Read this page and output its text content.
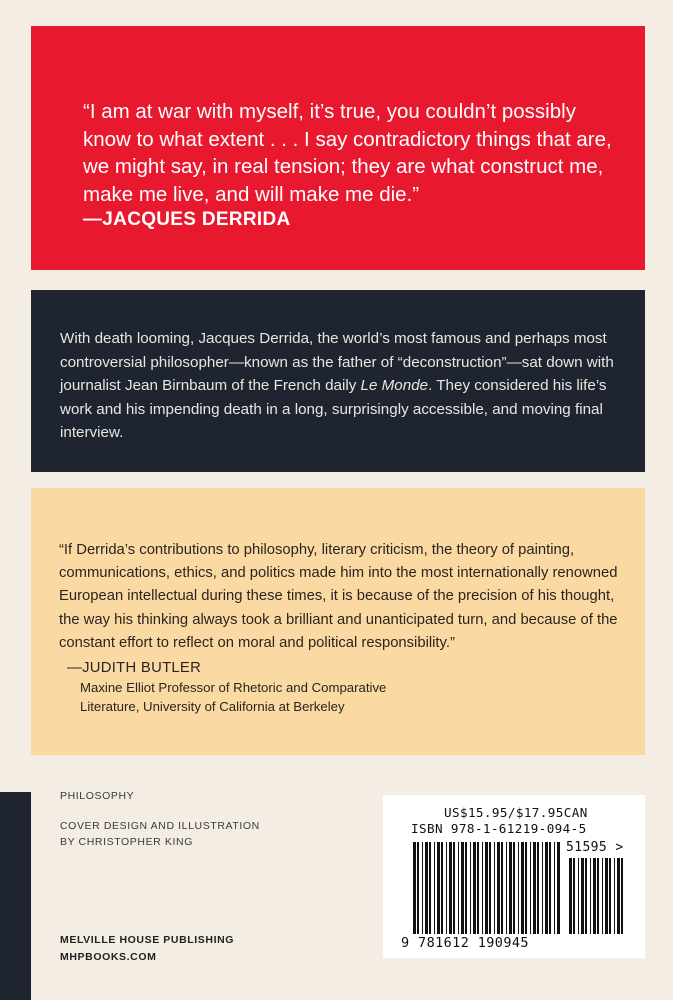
“I am at war with myself, it’s true, you couldn’t possibly know to what extent . . . I say contradictory things that are, we might say, in real tension; they are what construct me, make me live, and will make me die.”

—JACQUES DERRIDA

With death looming, Jacques Derrida, the world’s most famous and perhaps most controversial philosopher—known as the father of “deconstruction”—sat down with journalist Jean Birnbaum of the French daily Le Monde. They considered his life’s work and his impending death in a long, surprisingly accessible, and moving final interview.

“If Derrida’s contributions to philosophy, literary criticism, the theory of painting, communications, ethics, and politics made him into the most internationally renowned European intellectual during these times, it is because of the precision of his thought, the way his thinking always took a brilliant and unanticipated turn, and because of the constant effort to reflect on moral and political responsibility.”

—JUDITH BUTLER
Maxine Elliot Professor of Rhetoric and Comparative
Literature, University of California at Berkeley
PHILOSOPHY
COVER DESIGN AND ILLUSTRATION
BY CHRISTOPHER KING
MELVILLE HOUSE PUBLISHING
MHPBOOKS.COM
US$15.95/$17.95CAN
ISBN 978-1-61219-094-5
51595 >
9 781612 190945
